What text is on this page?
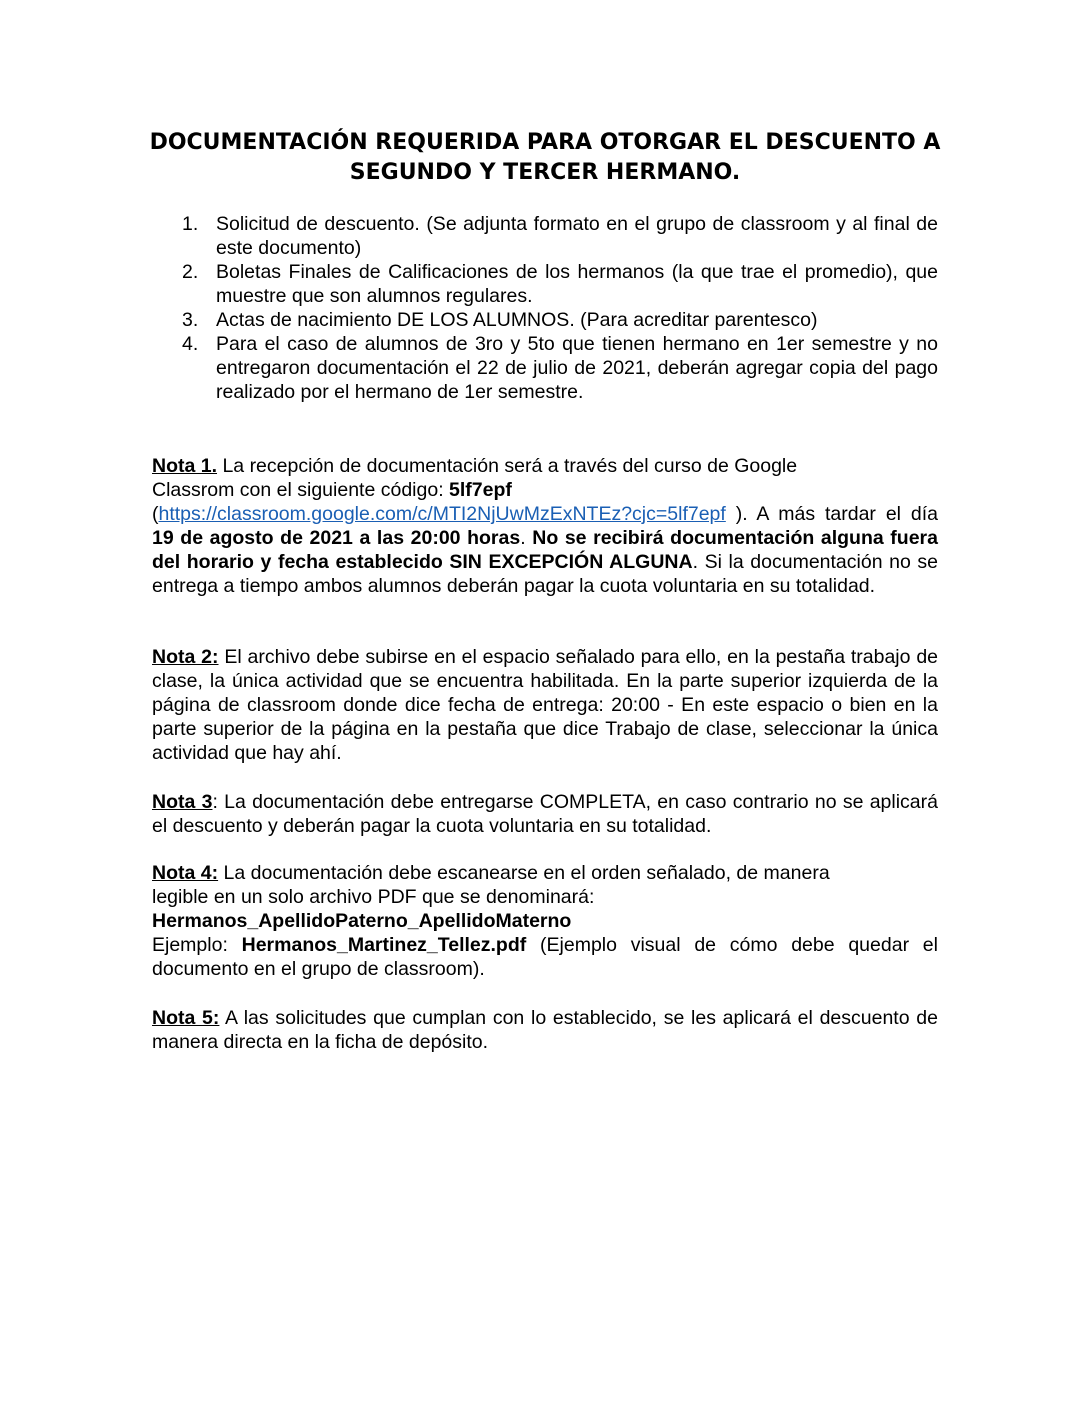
DOCUMENTACIÓN REQUERIDA PARA OTORGAR EL DESCUENTO A
SEGUNDO Y TERCER HERMANO.
1. Solicitud de descuento. (Se adjunta formato en el grupo de classroom y al final de este documento)
2. Boletas Finales de Calificaciones de los hermanos (la que trae el promedio), que muestre que son alumnos regulares.
3. Actas de nacimiento DE LOS ALUMNOS. (Para acreditar parentesco)
4. Para el caso de alumnos de 3ro y 5to que tienen hermano en 1er semestre y no entregaron documentación el 22 de julio de 2021, deberán agregar copia del pago realizado por el hermano de 1er semestre.
Nota 1. La recepción de documentación será a través del curso de Google
Classrom con el siguiente código: 5lf7epf
(https://classroom.google.com/c/MTI2NjUwMzExNTEz?cjc=5lf7epf ). A más tardar el día 19 de agosto de 2021 a las 20:00 horas. No se recibirá documentación alguna fuera del horario y fecha establecido SIN EXCEPCIÓN ALGUNA. Si la documentación no se entrega a tiempo ambos alumnos deberán pagar la cuota voluntaria en su totalidad.

Nota 2: El archivo debe subirse en el espacio señalado para ello, en la pestaña trabajo de clase, la única actividad que se encuentra habilitada. En la parte superior izquierda de la página de classroom donde dice fecha de entrega: 20:00 - En este espacio o bien en la parte superior de la página en la pestaña que dice Trabajo de clase, seleccionar la única actividad que hay ahí.

Nota 3: La documentación debe entregarse COMPLETA, en caso contrario no se aplicará el descuento y deberán pagar la cuota voluntaria en su totalidad.

Nota 4: La documentación debe escanearse en el orden señalado, de manera
legible en un solo archivo PDF que se denominará:
Hermanos_ApellidoPaterno_ApellidoMaterno
Ejemplo: Hermanos_Martinez_Tellez.pdf (Ejemplo visual de cómo debe quedar el documento en el grupo de classroom).

Nota 5: A las solicitudes que cumplan con lo establecido, se les aplicará el descuento de manera directa en la ficha de depósito.
